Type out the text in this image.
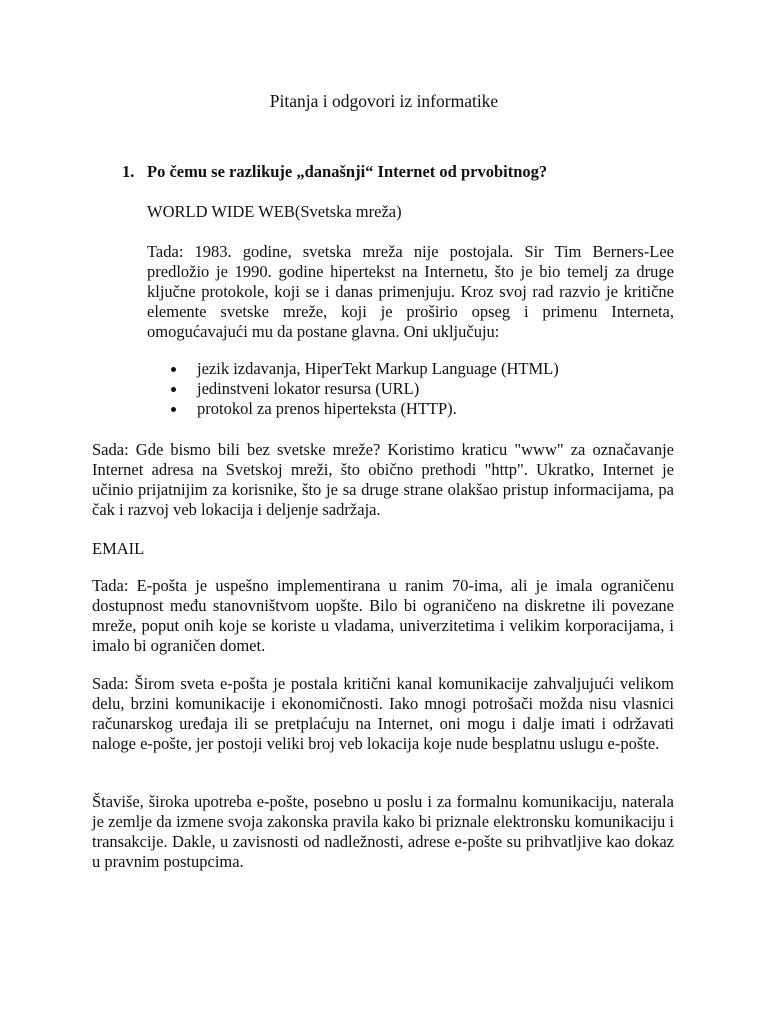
Pitanja i odgovori iz informatike
1. Po čemu se razlikuje „današnji“ Internet od prvobitnog?
WORLD WIDE WEB(Svetska mreža)
Tada: 1983. godine, svetska mreža nije postojala. Sir Tim Berners-Lee predložio je 1990. godine hipertekst na Internetu, što je bio temelj za druge ključne protokole, koji se i danas primenjuju. Kroz svoj rad razvio je kritične elemente svetske mreže, koji je proširio opseg i primenu Interneta, omogućavajući mu da postane glavna. Oni uključuju:
jezik izdavanja, HiperTekt Markup Language (HTML)
jedinstveni lokator resursa (URL)
protokol za prenos hiperteksta (HTTP).
Sada: Gde bismo bili bez svetske mreže? Koristimo kraticu "www" za označavanje Internet adresa na Svetskoj mreži, što obično prethodi "http". Ukratko, Internet je učinio prijatnijim za korisnike, što je sa druge strane olakšao pristup informacijama, pa čak i razvoj veb lokacija i deljenje sadržaja.
EMAIL
Tada: E-pošta je uspešno implementirana u ranim 70-ima, ali je imala ograničenu dostupnost među stanovništvom uopšte. Bilo bi ograničeno na diskretne ili povezane mreže, poput onih koje se koriste u vladama, univerzitetima i velikim korporacijama, i imalo bi ograničen domet.
Sada: Širom sveta e-pošta je postala kritični kanal komunikacije zahvaljujući velikom delu, brzini komunikacije i ekonomičnosti. Iako mnogi potrošači možda nisu vlasnici računarskog uređaja ili se pretplaćuju na Internet, oni mogu i dalje imati i održavati naloge e-pošte, jer postoji veliki broj veb lokacija koje nude besplatnu uslugu e-pošte.
Štaviše, široka upotreba e-pošte, posebno u poslu i za formalnu komunikaciju, naterala je zemlje da izmene svoja zakonska pravila kako bi priznale elektronsku komunikaciju i transakcije. Dakle, u zavisnosti od nadležnosti, adrese e-pošte su prihvatljive kao dokaz u pravnim postupcima.
